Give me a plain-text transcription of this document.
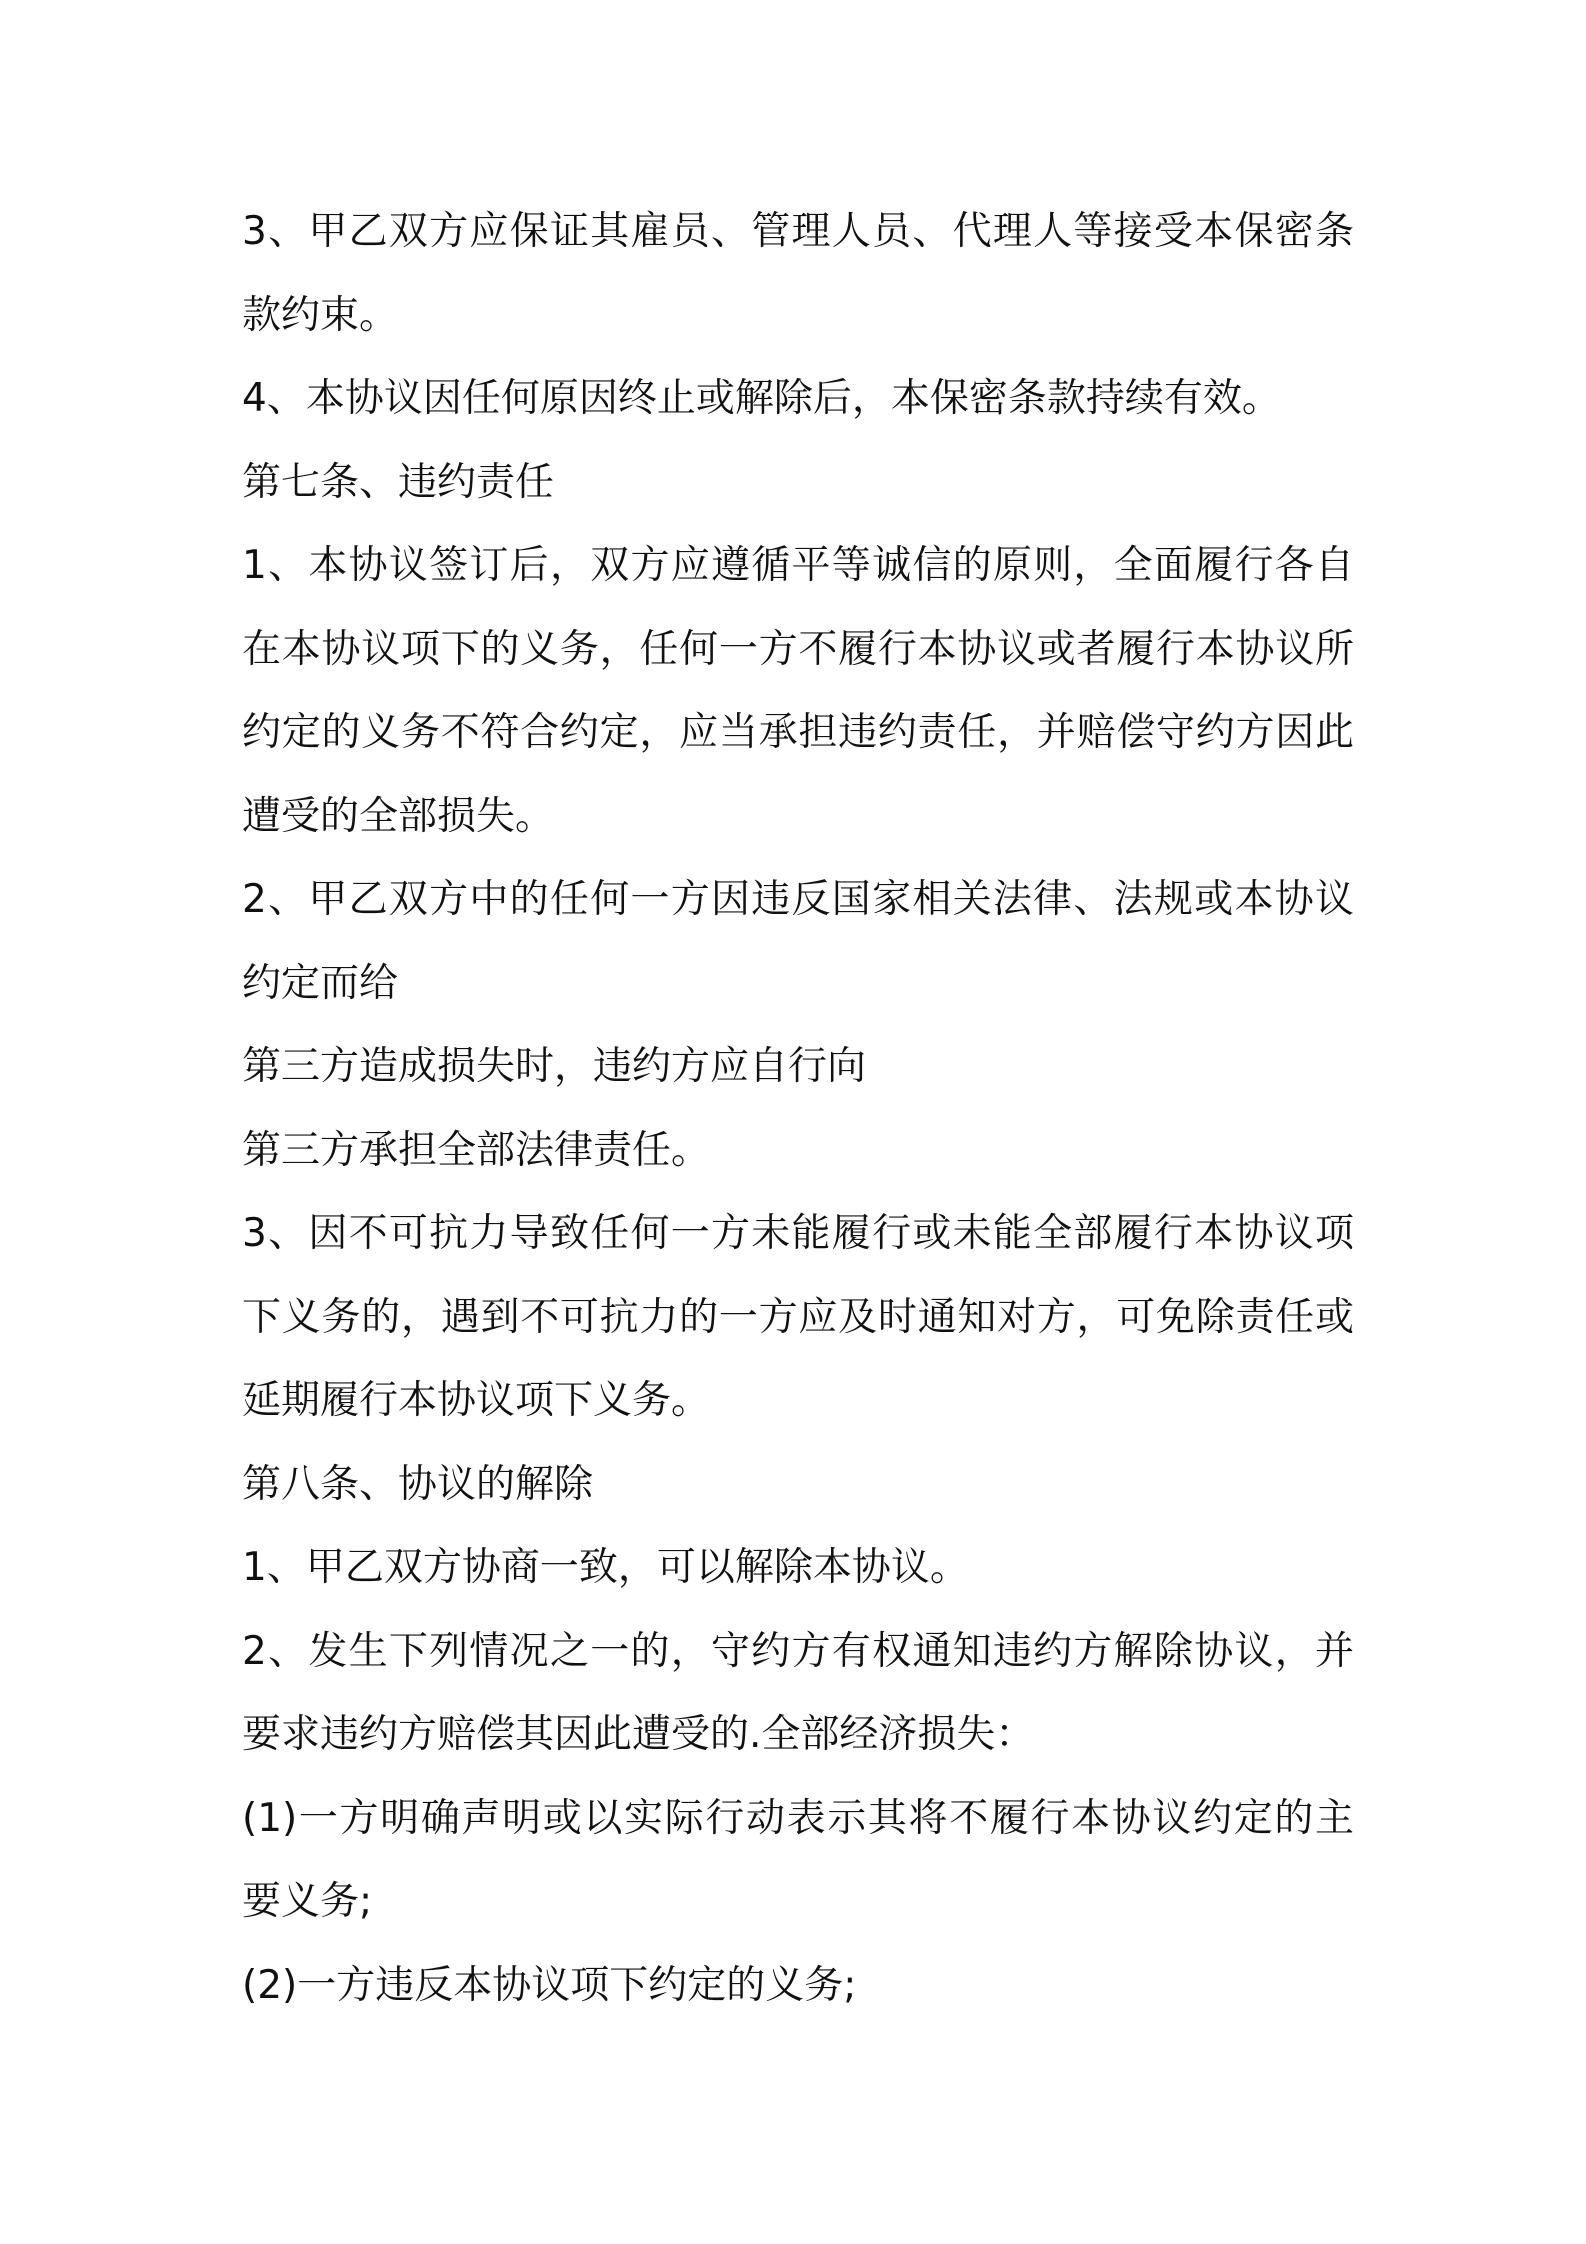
3、甲乙双方应保证其雇员、管理人员、代理人等接受本保密条
款约束。
4、本协议因任何原因终止或解除后，本保密条款持续有效。
第七条、违约责任
1、本协议签订后，双方应遵循平等诚信的原则，全面履行各自
在本协议项下的义务，任何一方不履行本协议或者履行本协议所
约定的义务不符合约定，应当承担违约责任，并赔偿守约方因此
遭受的全部损失。
2、甲乙双方中的任何一方因违反国家相关法律、法规或本协议
约定而给
第三方造成损失时，违约方应自行向
第三方承担全部法律责任。
3、因不可抗力导致任何一方未能履行或未能全部履行本协议项
下义务的，遇到不可抗力的一方应及时通知对方，可免除责任或
延期履行本协议项下义务。
第八条、协议的解除
1、甲乙双方协商一致，可以解除本协议。
2、发生下列情况之一的，守约方有权通知违约方解除协议，并
要求违约方赔偿其因此遭受的.全部经济损失：
(1)一方明确声明或以实际行动表示其将不履行本协议约定的主
要义务;
(2)一方违反本协议项下约定的义务;
